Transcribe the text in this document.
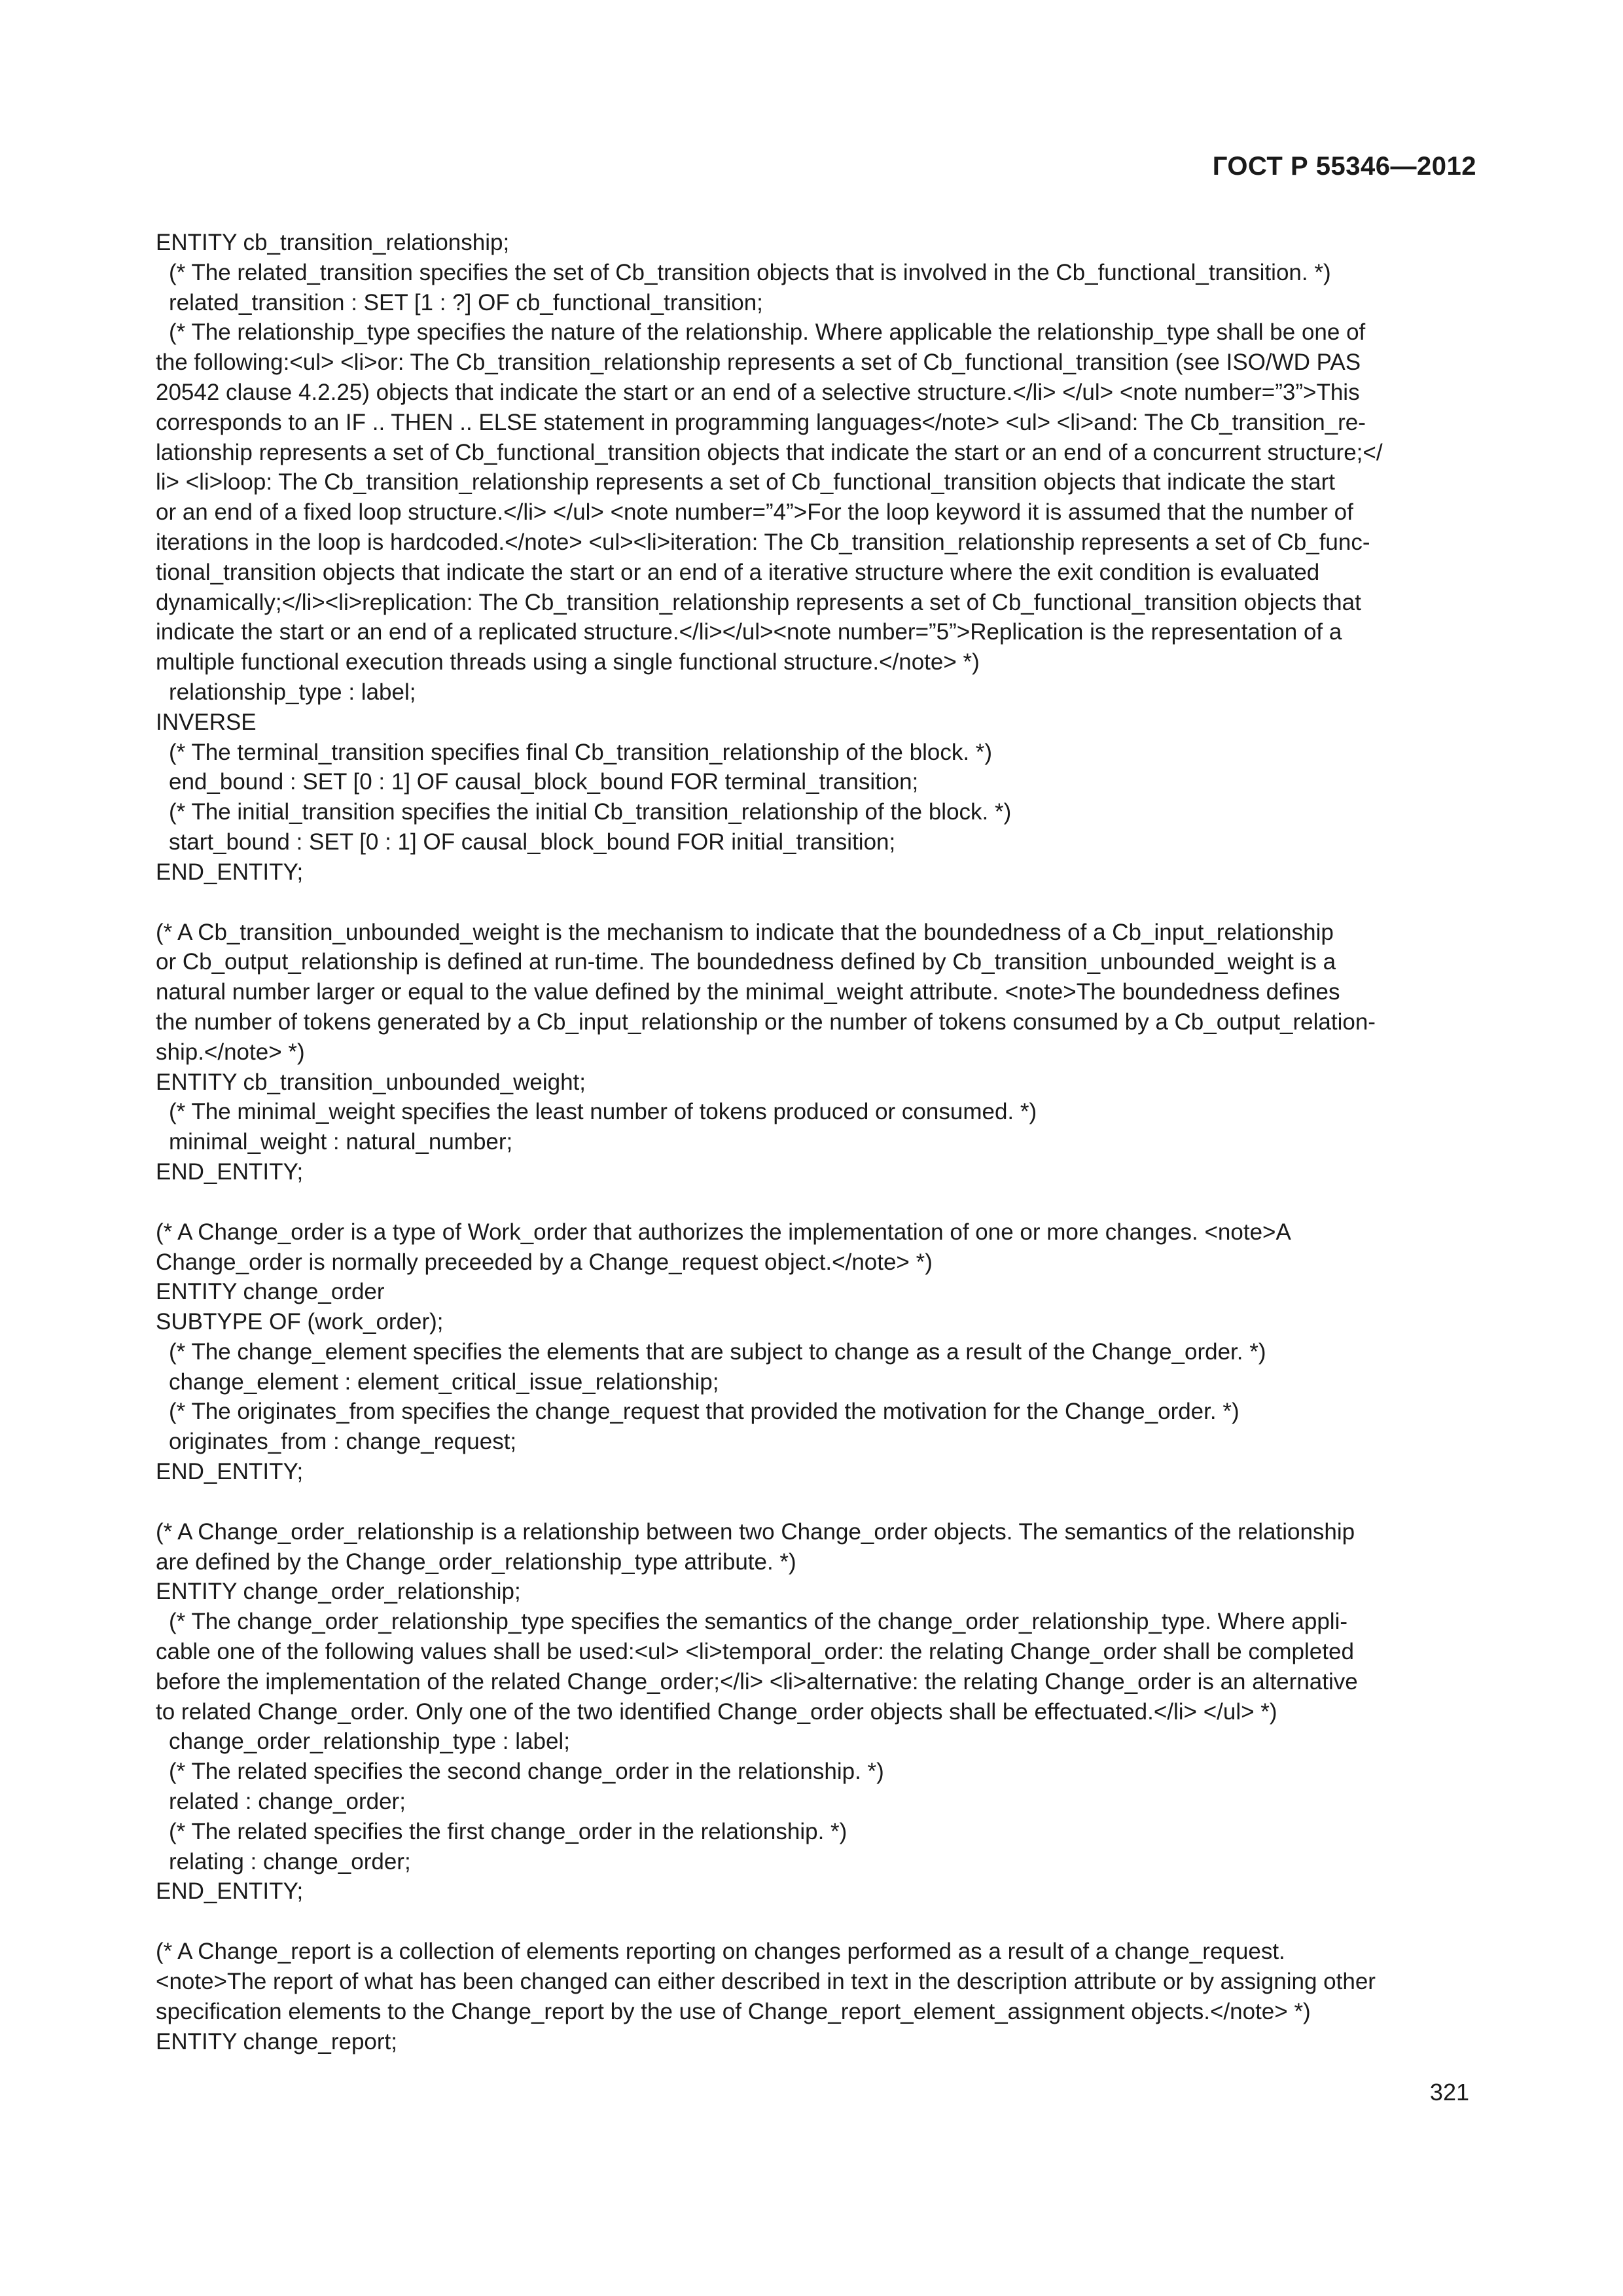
ГОСТ Р 55346—2012
ENTITY cb_transition_relationship;
(* The related_transition specifies the set of Cb_transition objects that is involved in the Cb_functional_transition. *)
related_transition : SET [1 : ?] OF cb_functional_transition;
(* The relationship_type specifies the nature of the relationship. Where applicable the relationship_type shall be one of
the following:<ul> <li>or: The Cb_transition_relationship represents a set of Cb_functional_transition (see ISO/WD PAS
20542 clause 4.2.25) objects that indicate the start or an end of a selective structure.</li> </ul> <note number=”3”>This
corresponds to an IF .. THEN .. ELSE statement in programming languages</note> <ul> <li>and: The Cb_transition_re-
lationship represents a set of Cb_functional_transition objects that indicate the start or an end of a concurrent structure;</
li> <li>loop: The Cb_transition_relationship represents a set of Cb_functional_transition objects that indicate the start
or an end of a fixed loop structure.</li> </ul> <note number=”4”>For the loop keyword it is assumed that the number of
iterations in the loop is hardcoded.</note> <ul><li>iteration: The Cb_transition_relationship represents a set of Cb_func-
tional_transition objects that indicate the start or an end of a iterative structure where the exit condition is evaluated
dynamically;</li><li>replication: The Cb_transition_relationship represents a set of Cb_functional_transition objects that
indicate the start or an end of a replicated structure.</li></ul><note number=”5”>Replication is the representation of a
multiple functional execution threads using a single functional structure.</note> *)
relationship_type : label;
INVERSE
(* The terminal_transition specifies final Cb_transition_relationship of the block. *)
end_bound : SET [0 : 1] OF causal_block_bound FOR terminal_transition;
(* The initial_transition specifies the initial Cb_transition_relationship of the block. *)
start_bound : SET [0 : 1] OF causal_block_bound FOR initial_transition;
END_ENTITY;
(* A Cb_transition_unbounded_weight is the mechanism to indicate that the boundedness of a Cb_input_relationship
or Cb_output_relationship is defined at run-time. The boundedness defined by Cb_transition_unbounded_weight is a
natural number larger or equal to the value defined by the minimal_weight attribute. <note>The boundedness defines
the number of tokens generated by a Cb_input_relationship or the number of tokens consumed by a Cb_output_relation-
ship.</note> *)
ENTITY cb_transition_unbounded_weight;
(* The minimal_weight specifies the least number of tokens produced or consumed. *)
minimal_weight : natural_number;
END_ENTITY;
(* A Change_order is a type of Work_order that authorizes the implementation of one or more changes. <note>A
Change_order is normally preceeded by a Change_request object.</note> *)
ENTITY change_order
SUBTYPE OF (work_order);
(* The change_element specifies the elements that are subject to change as a result of the Change_order. *)
change_element : element_critical_issue_relationship;
(* The originates_from specifies the change_request that provided the motivation for the Change_order. *)
originates_from : change_request;
END_ENTITY;
(* A Change_order_relationship is a relationship between two Change_order objects. The semantics of the relationship
are defined by the Change_order_relationship_type attribute. *)
ENTITY change_order_relationship;
(* The change_order_relationship_type specifies the semantics of the change_order_relationship_type. Where appli-
cable one of the following values shall be used:<ul> <li>temporal_order: the relating Change_order shall be completed
before the implementation of the related Change_order;</li> <li>alternative: the relating Change_order is an alternative
to related Change_order. Only one of the two identified Change_order objects shall be effectuated.</li> </ul> *)
change_order_relationship_type : label;
(* The related specifies the second change_order in the relationship. *)
related : change_order;
(* The related specifies the first change_order in the relationship. *)
relating : change_order;
END_ENTITY;
(* A Change_report is a collection of elements reporting on changes performed as a result of a change_request.
<note>The report of what has been changed can either described in text in the description attribute or by assigning other
specification elements to the Change_report by the use of Change_report_element_assignment objects.</note> *)
ENTITY change_report;
321
